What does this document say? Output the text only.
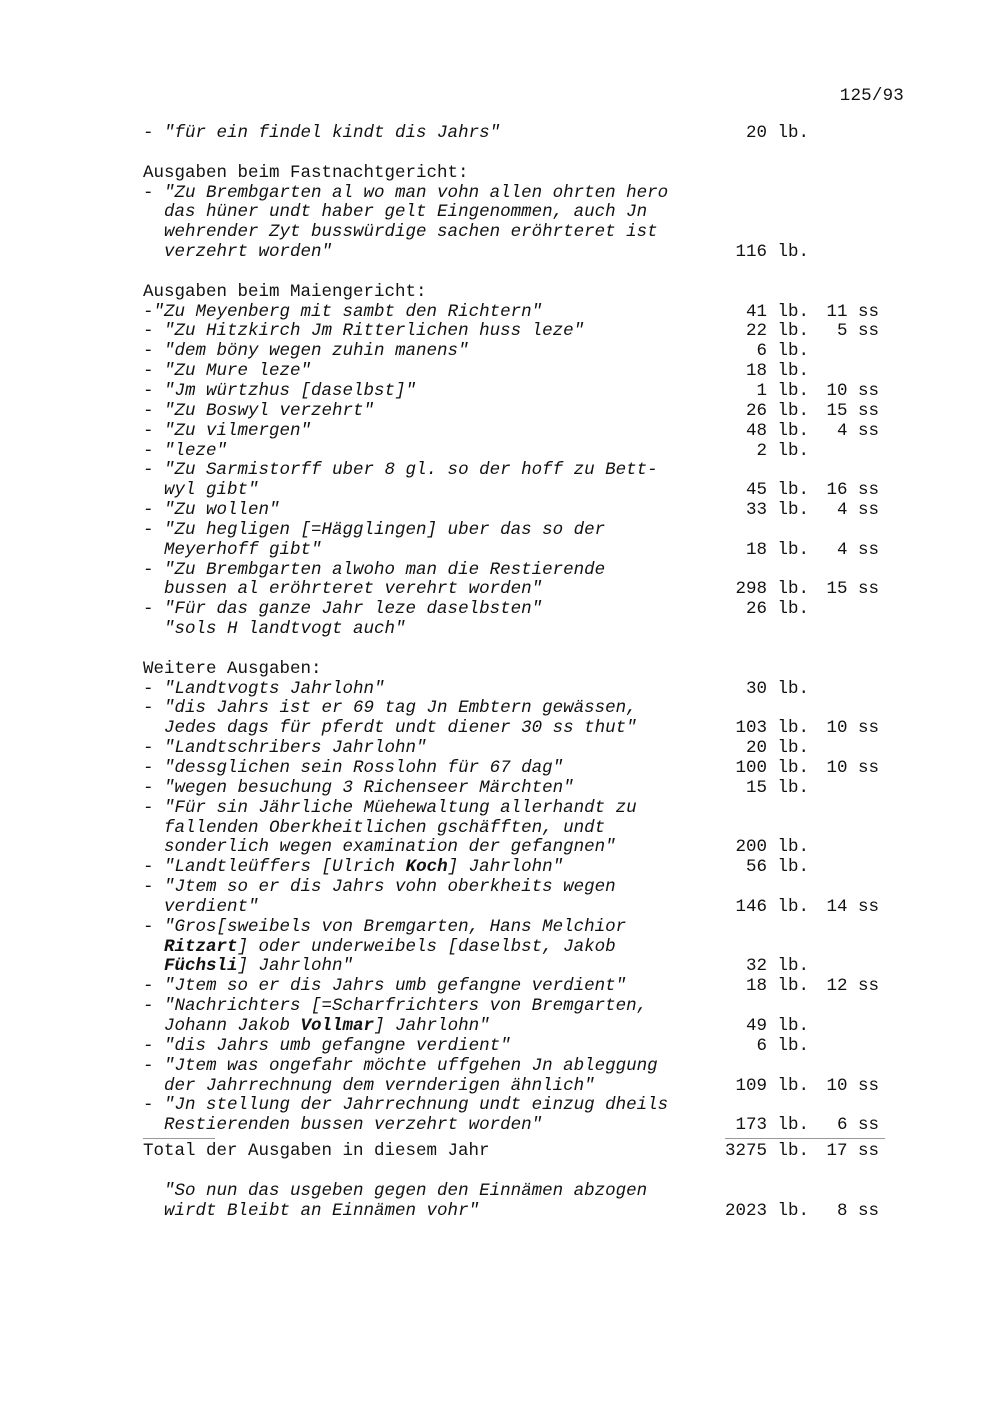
125/93
- "für ein findel kindt dis Jahrs"	20 lb.
Ausgaben beim Fastnachtgericht:
- "Zu Brembgarten al wo man vohn allen ohrten hero
das hüner undt haber gelt Eingenommen, auch Jn
wehrender Zyt busswürdige sachen eröhrteret ist
verzehrt worden"	116 lb.
Ausgaben beim Maiengericht:
-"Zu Meyenberg mit sambt den Richtern"	41 lb. 11 ss
- "Zu Hitzkirch Jm Ritterlichen huss leze"	22 lb.	5 ss
- "dem böny wegen zuhin manens"	6 lb.
- "Zu Mure leze"	18 lb.
- "Jm würtzhus [daselbst]"	1 lb. 10 ss
- "Zu Boswyl verzehrt"	26 lb. 15 ss
- "Zu vilmergen"	48 lb.	4 ss
- "leze"	2 lb.
- "Zu Sarmistorff uber 8 gl. so der hoff zu Bett-
wyl gibt"	45 lb. 16 ss
- "Zu wollen"	33 lb.	4 ss
- "Zu hegligen [=Hägglingen] uber das so der
Meyerhoff gibt"	18 lb.	4 ss
- "Zu Brembgarten alwoho man die Restierende
bussen al eröhrteret verehrt worden"	298 lb. 15 ss
- "Für das ganze Jahr leze daselbsten"	26 lb.
"sols H landtvogt auch"
Weitere Ausgaben:
- "Landtvogts Jahrlohn"	30 lb.
- "dis Jahrs ist er 69 tag Jn Embtern gewässen,
Jedes dags für pferdt undt diener 30 ss thut"	103 lb. 10 ss
- "Landtschribers Jahrlohn"	20 lb.
- "dessglichen sein Rosslohn für 67 dag"	100 lb. 10 ss
- "wegen besuchung 3 Richenseer Märchten"	15 lb.
- "Für sin Jährliche Müehewaltung allerhandt zu
fallenden Oberkheitlichen gschäfften, undt
sonderlich wegen examination der gefangnen"	200 lb.
- "Landtleüffers [Ulrich Koch] Jahrlohn"	56 lb.
- "Jtem so er dis Jahrs vohn oberkheits wegen
verdient"	146 lb. 14 ss
- "Gros[sweibels von Bremgarten, Hans Melchior
Ritzart] oder underweibels [daselbst, Jakob
Füchsli] Jahrlohn"	32 lb.
- "Jtem so er dis Jahrs umb gefangne verdient"	18 lb. 12 ss
- "Nachrichters [=Scharfrichters von Bremgarten,
Johann Jakob Vollmar] Jahrlohn"	49 lb.
- "dis Jahrs umb gefangne verdient"	6 lb.
- "Jtem was ongefahr möchte uffgehen Jn ableggung
der Jahrrechnung dem vernderigen ähnlich"	109 lb. 10 ss
- "Jn stellung der Jahrrechnung undt einzug dheils
Restierenden bussen verzehrt worden"	173 lb.	6 ss
Total der Ausgaben in diesem Jahr	3275 lb. 17 ss
"So nun das usgeben gegen den Einnämen abzogen
wirdt Bleibt an Einnämen vohr"	2023 lb.	8 ss
